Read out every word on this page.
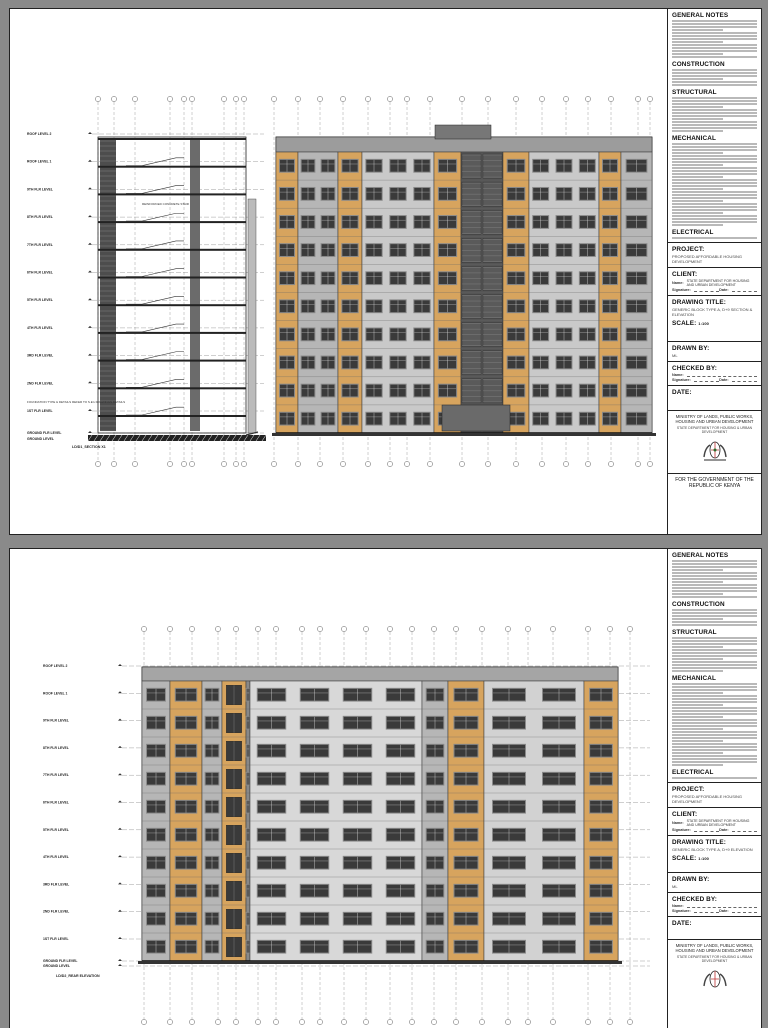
ROOF LEVEL 2
ROOF LEVEL 1
9TH FLR LEVEL
8TH FLR LEVEL
7TH FLR LEVEL
6TH FLR LEVEL
5TH FLR LEVEL
4TH FLR LEVEL
3RD FLR LEVEL
2ND FLR LEVEL
1ST FLR LEVEL
GROUND FLR LEVEL
GROUND LEVEL
REINFORCED CONCRETE STAIR
FOUNDATION TYPE & DETAILS REFER TO S.E's DRAWINGS DETAILS
LD/D1_SECTION X1
GENERAL NOTES
CONSTRUCTION
STRUCTURAL
MECHANICAL
ELECTRICAL
PROJECT:
PROPOSED AFFORDABLE HOUSING DEVELOPMENT
CLIENT:
Name: STATE DEPARTMENT FOR HOUSING AND URBAN DEVELOPMENT
Signature:	Date:
DRAWING TITLE:
GENERIC BLOCK TYPE A, D+9 SECTION & ELEVATION
SCALE: 1:100
DRAWN BY:
ML
CHECKED BY:
Name:
Signature:	Date:
DATE:
MINISTRY OF LANDS, PUBLIC WORKS, HOUSING AND URBAN DEVELOPMENT
STATE DEPARTMENT FOR HOUSING & URBAN DEVELOPMENT
FOR THE GOVERNMENT OF THE
REPUBLIC OF KENYA
ROOF LEVEL 2
ROOF LEVEL 1
9TH FLR LEVEL
8TH FLR LEVEL
7TH FLR LEVEL
6TH FLR LEVEL
5TH FLR LEVEL
4TH FLR LEVEL
3RD FLR LEVEL
2ND FLR LEVEL
1ST FLR LEVEL
GROUND FLR LEVEL
GROUND LEVEL
LD/D2_REAR ELEVATION
GENERAL NOTES
CONSTRUCTION
STRUCTURAL
MECHANICAL
ELECTRICAL
PROJECT:
PROPOSED AFFORDABLE HOUSING DEVELOPMENT
CLIENT:
Name: STATE DEPARTMENT FOR HOUSING AND URBAN DEVELOPMENT
Signature:	Date:
DRAWING TITLE:
GENERIC BLOCK TYPE A, D+9 ELEVATION
SCALE: 1:100
DRAWN BY:
ML
CHECKED BY:
Name:
Signature:	Date:
DATE:
MINISTRY OF LANDS, PUBLIC WORKS, HOUSING AND URBAN DEVELOPMENT
STATE DEPARTMENT FOR HOUSING & URBAN DEVELOPMENT
